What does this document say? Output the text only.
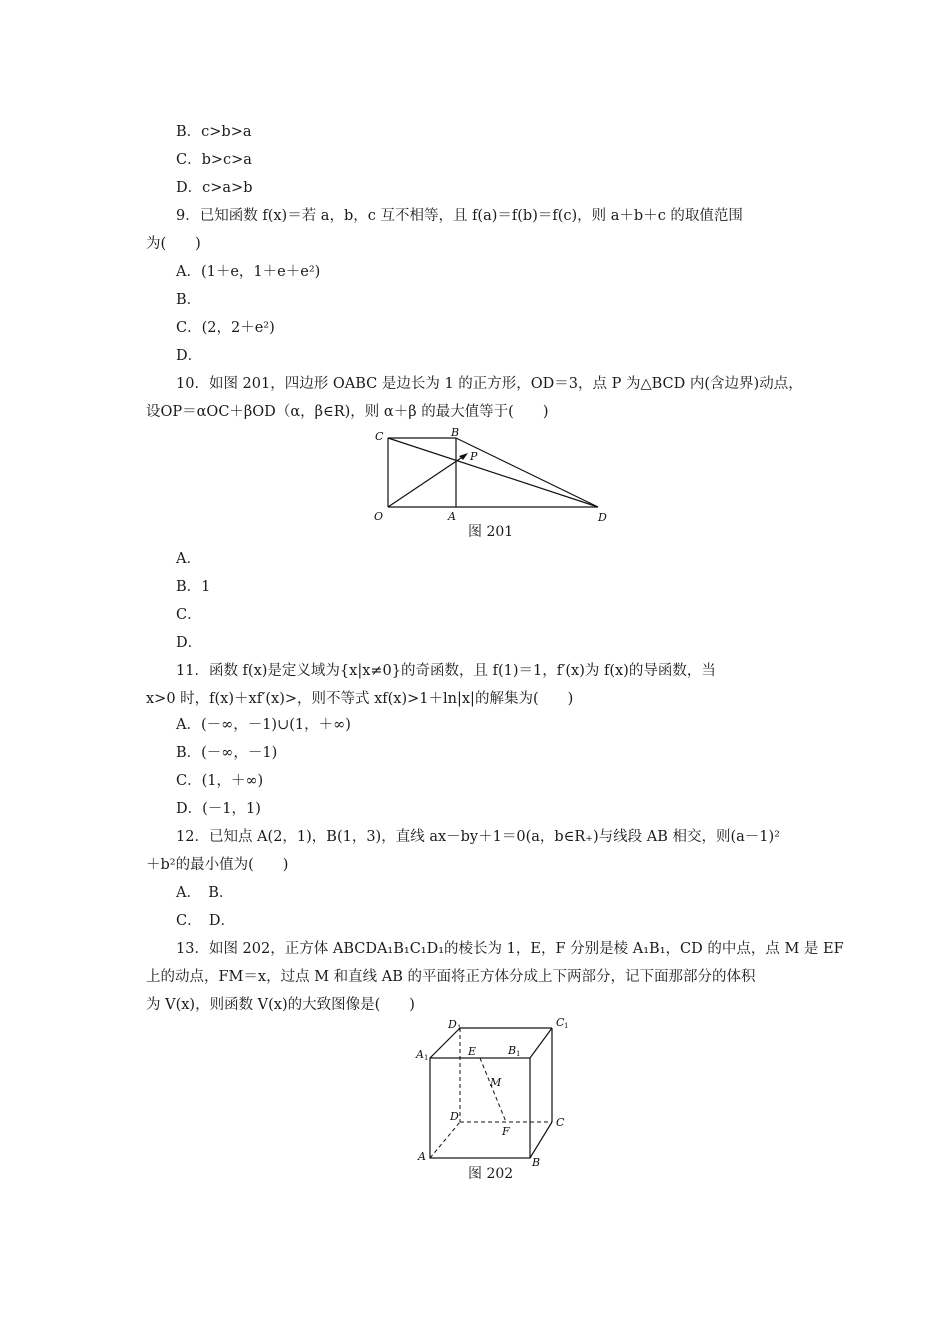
B．c>b>a
C．b>c>a
D．c>a>b
9．已知函数 f(x)＝若 a，b，c 互不相等，且 f(a)＝f(b)＝f(c)，则 a＋b＋c 的取值范围
为(　　)
A．(1＋e，1＋e＋e²)
B．
C．(2，2＋e²)
D．
10．如图 201，四边形 OABC 是边长为 1 的正方形，OD＝3，点 P 为△BCD 内(含边界)动点，
设OP＝αOC＋βOD（α，β∈R)，则 α＋β 的最大值等于(　　)
C	B
P
O	A	D
图 201
A．
B．1
C．
D．
11．函数 f(x)是定义域为{x|x≠0}的奇函数，且 f(1)＝1，f′(x)为 f(x)的导函数，当
x>0 时，f(x)＋xf′(x)>，则不等式 xf(x)>1＋ln|x|的解集为(　　)
A．(－∞，－1)∪(1，＋∞)
B．(－∞，－1)
C．(1，＋∞)
D．(－1，1)
12．已知点 A(2，1)，B(1，3)，直线 ax－by＋1＝0(a，b∈R₊)与线段 AB 相交，则(a－1)²
＋b²的最小值为(　　)
A．　B．
C．　D．
13．如图 202，正方体 ABCDA₁B₁C₁D₁的棱长为 1，E，F 分别是棱 A₁B₁，CD 的中点，点 M 是 EF
上的动点，FM＝x，过点 M 和直线 AB 的平面将正方体分成上下两部分，记下面那部分的体积
为 V(x)，则函数 V(x)的大致图像是(　　)
D 1	C 1
A 1	E	B 1
M
D	C
F
A	B
图 202
